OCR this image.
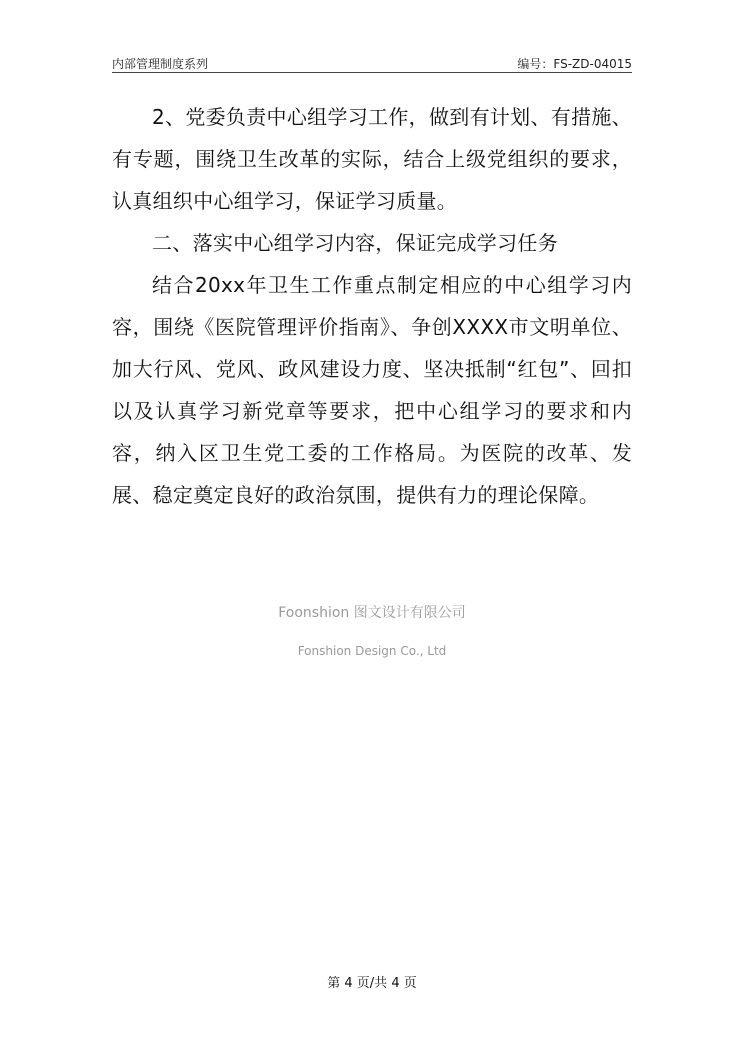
内部管理制度系列	编号：FS-ZD-04015

2、党委负责中心组学习工作，做到有计划、有措施、有专题，围绕卫生改革的实际，结合上级党组织的要求，认真组织中心组学习，保证学习质量。

二、落实中心组学习内容，保证完成学习任务

结合20xx年卫生工作重点制定相应的中心组学习内容，围绕《医院管理评价指南》、争创XXXX市文明单位、加大行风、党风、政风建设力度、坚决抵制“红包”、回扣以及认真学习新党章等要求，把中心组学习的要求和内容，纳入区卫生党工委的工作格局。为医院的改革、发展、稳定奠定良好的政治氛围，提供有力的理论保障。

Foonshion 图文设计有限公司
Fonshion Design Co., Ltd
第 4 页/共 4 页
